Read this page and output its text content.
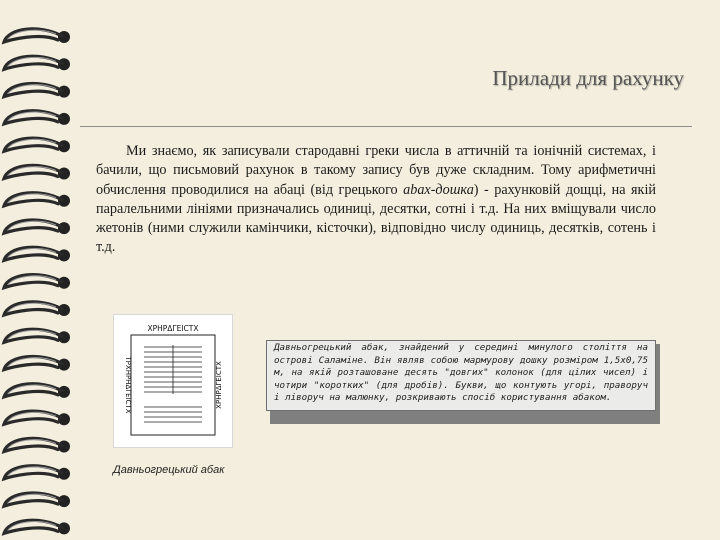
Прилади для рахунку

Ми знаємо, як записували стародавні греки числа в аттичній та іонічній системах, і бачили, що письмовий рахунок в такому запису був дуже складним. Тому арифметичні обчислення проводилися на абаці (від грецького abax-дошка) - рахунковій дощці, на якій паралельними лініями призначались одиниці, десятки, сотні і т.д. На них вміщували число жетонів (ними служили камінчики, кісточки), відповідно числу одиниць, десятків, сотень і т.д.

ΧΡΗΡΔΓΕΙCΤΧ
ΤΡΧΗΡΗΔΓΕΙCΤΧ	ΧΡΗΡΔΓΕΙCΤΧ
Давньогрецький абак

Давньогрецький абак, знайдений у середині минулого століття на острові Саламіне. Він являв собою мармурову дошку розміром 1,5х0,75 м, на якій розташоване десять "довгих" колонок (для цілих чисел) і чотири "коротких" (для дробів). Букви, що контують угорі, праворуч і ліворуч на малюнку, розкривають спосіб користування абаком.
